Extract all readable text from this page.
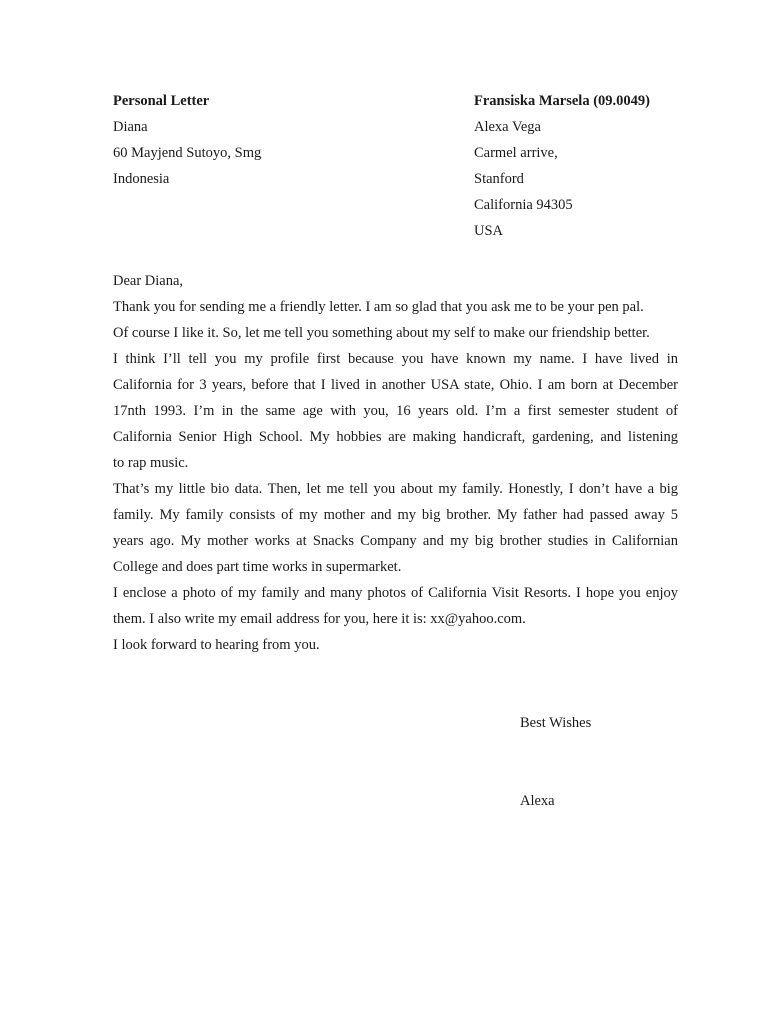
Personal Letter
Diana
60 Mayjend Sutoyo, Smg
Indonesia
Fransiska Marsela (09.0049)
Alexa Vega
Carmel arrive,
Stanford
California 94305
USA
Dear Diana,
Thank you for sending me a friendly letter. I am so glad that you ask me to be your pen pal.
Of course I like it. So, let me tell you something about my self to make our friendship better.
I think I’ll tell you my profile first because you have known my name. I have lived in
California for 3 years, before that I lived in another USA state, Ohio. I am born at December
17nth 1993. I’m in the same age with you, 16 years old. I’m a first semester student of
California Senior High School. My hobbies are making handicraft, gardening, and listening
to rap music.
That’s my little bio data. Then, let me tell you about my family. Honestly, I don’t have a big
family. My family consists of my mother and my big brother. My father had passed away 5
years ago. My mother works at Snacks Company and my big brother studies in Californian
College and does part time works in supermarket.
I enclose a photo of my family and many photos of California Visit Resorts. I hope you enjoy
them. I also write my email address for you, here it is: xx@yahoo.com.
I look forward to hearing from you.
Best Wishes
Alexa
